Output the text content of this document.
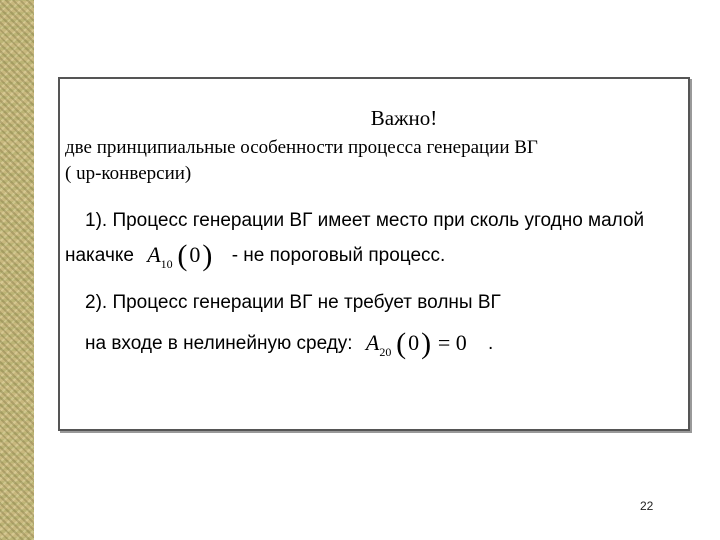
Важно!
две принципиальные особенности процесса генерации ВГ
( up-конверсии)
1). Процесс генерации ВГ имеет место при сколь угодно малой
накачке $A_{10}$ (0) - не пороговый процесс.
2). Процесс генерации ВГ не требует волны ВГ
на входе в нелинейную среду: $A_{20}$ (0) = 0 .
22
